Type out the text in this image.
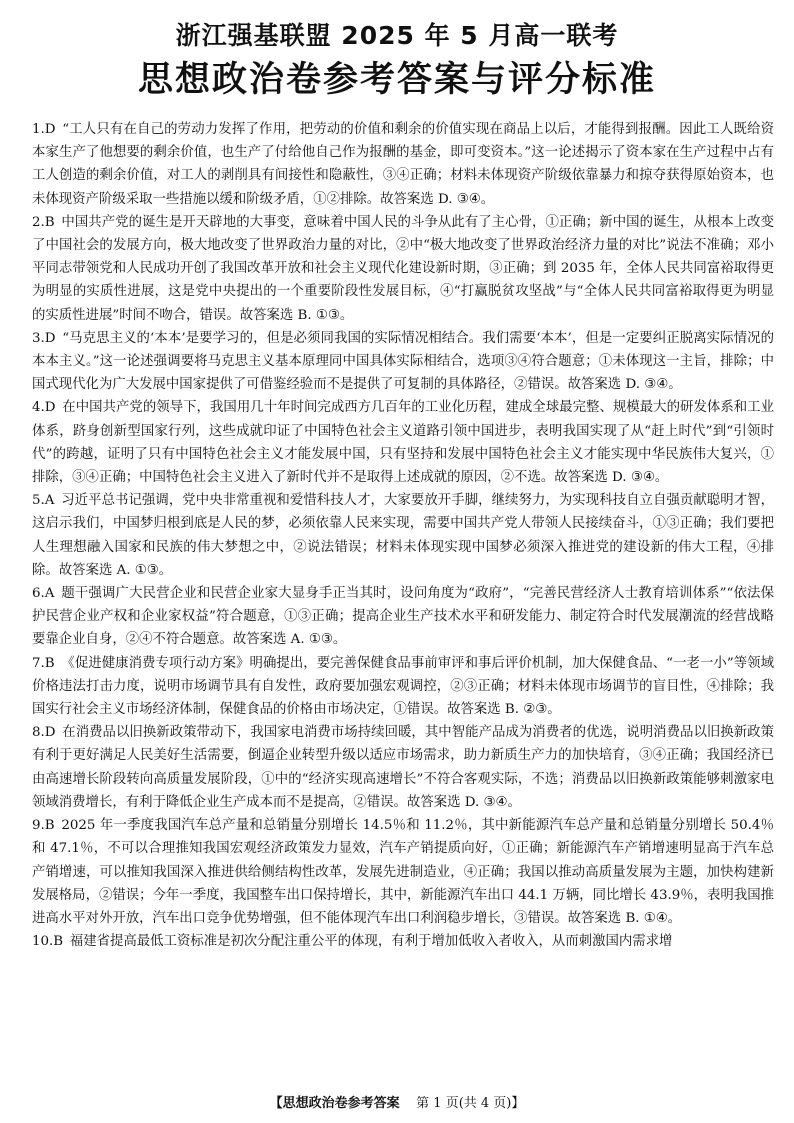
浙江强基联盟 2025 年 5 月高一联考
思想政治卷参考答案与评分标准

1.D  “工人只有在自己的劳动力发挥了作用，把劳动的价值和剩余的价值实现在商品上以后，才能得到报酬。因此工人既给资本家生产了他想要的剩余价值，也生产了付给他自己作为报酬的基金，即可变资本。”这一论述揭示了资本家在生产过程中占有工人创造的剩余价值，对工人的剥削具有间接性和隐蔽性，③④正确；材料未体现资产阶级依靠暴力和掠夺获得原始资本，也未体现资产阶级采取一些措施以缓和阶级矛盾，①②排除。故答案选 D. ③④。

2.B  中国共产党的诞生是开天辟地的大事变，意味着中国人民的斗争从此有了主心骨，①正确；新中国的诞生，从根本上改变了中国社会的发展方向，极大地改变了世界政治力量的对比，②中“极大地改变了世界政治经济力量的对比”说法不准确；邓小平同志带领党和人民成功开创了我国改革开放和社会主义现代化建设新时期，③正确；到 2035 年，全体人民共同富裕取得更为明显的实质性进展，这是党中央提出的一个重要阶段性发展目标，④“打赢脱贫攻坚战”与“全体人民共同富裕取得更为明显的实质性进展”时间不吻合，错误。故答案选 B. ①③。

3.D  “马克思主义的‘本本’是要学习的，但是必须同我国的实际情况相结合。我们需要‘本本’，但是一定要纠正脱离实际情况的本本主义。”这一论述强调要将马克思主义基本原理同中国具体实际相结合，选项③④符合题意；①未体现这一主旨，排除；中国式现代化为广大发展中国家提供了可借鉴经验而不是提供了可复制的具体路径，②错误。故答案选 D. ③④。

4.D  在中国共产党的领导下，我国用几十年时间完成西方几百年的工业化历程，建成全球最完整、规模最大的研发体系和工业体系，跻身创新型国家行列，这些成就印证了中国特色社会主义道路引领中国进步，表明我国实现了从“赶上时代”到“引领时代”的跨越，证明了只有中国特色社会主义才能发展中国，只有坚持和发展中国特色社会主义才能实现中华民族伟大复兴，①排除，③④正确；中国特色社会主义进入了新时代并不是取得上述成就的原因，②不选。故答案选 D. ③④。

5.A  习近平总书记强调，党中央非常重视和爱惜科技人才，大家要放开手脚，继续努力，为实现科技自立自强贡献聪明才智，这启示我们，中国梦归根到底是人民的梦，必须依靠人民来实现，需要中国共产党人带领人民接续奋斗，①③正确；我们要把人生理想融入国家和民族的伟大梦想之中，②说法错误；材料未体现实现中国梦必须深入推进党的建设新的伟大工程，④排除。故答案选 A. ①③。

6.A  题干强调广大民营企业和民营企业家大显身手正当其时，设问角度为“政府”，“完善民营经济人士教育培训体系”“依法保护民营企业产权和企业家权益”符合题意，①③正确；提高企业生产技术水平和研发能力、制定符合时代发展潮流的经营战略要靠企业自身，②④不符合题意。故答案选 A. ①③。

7.B  《促进健康消费专项行动方案》明确提出，要完善保健食品事前审评和事后评价机制，加大保健食品、“一老一小”等领域价格违法打击力度，说明市场调节具有自发性，政府要加强宏观调控，②③正确；材料未体现市场调节的盲目性，④排除；我国实行社会主义市场经济体制，保健食品的价格由市场决定，①错误。故答案选 B. ②③。

8.D  在消费品以旧换新政策带动下，我国家电消费市场持续回暖，其中智能产品成为消费者的优选，说明消费品以旧换新政策有利于更好满足人民美好生活需要，倒逼企业转型升级以适应市场需求，助力新质生产力的加快培育，③④正确；我国经济已由高速增长阶段转向高质量发展阶段，①中的“经济实现高速增长”不符合客观实际，不选；消费品以旧换新政策能够刺激家电领域消费增长，有利于降低企业生产成本而不是提高，②错误。故答案选 D. ③④。

9.B  2025 年一季度我国汽车总产量和总销量分别增长 14.5％和 11.2％，其中新能源汽车总产量和总销量分别增长 50.4％和 47.1％，不可以合理推知我国宏观经济政策发力显效，汽车产销提质向好，①正确；新能源汽车产销增速明显高于汽车总产销增速，可以推知我国深入推进供给侧结构性改革，发展先进制造业，④正确；我国以推动高质量发展为主题，加快构建新发展格局，②错误；今年一季度，我国整车出口保持增长，其中，新能源汽车出口 44.1 万辆，同比增长 43.9％，表明我国推进高水平对外开放，汽车出口竞争优势增强，但不能体现汽车出口利润稳步增长，③错误。故答案选 B. ①④。

10.B  福建省提高最低工资标准是初次分配注重公平的体现，有利于增加低收入者收入，从而刺激国内需求增

【思想政治卷参考答案 第 1 页(共 4 页)】
